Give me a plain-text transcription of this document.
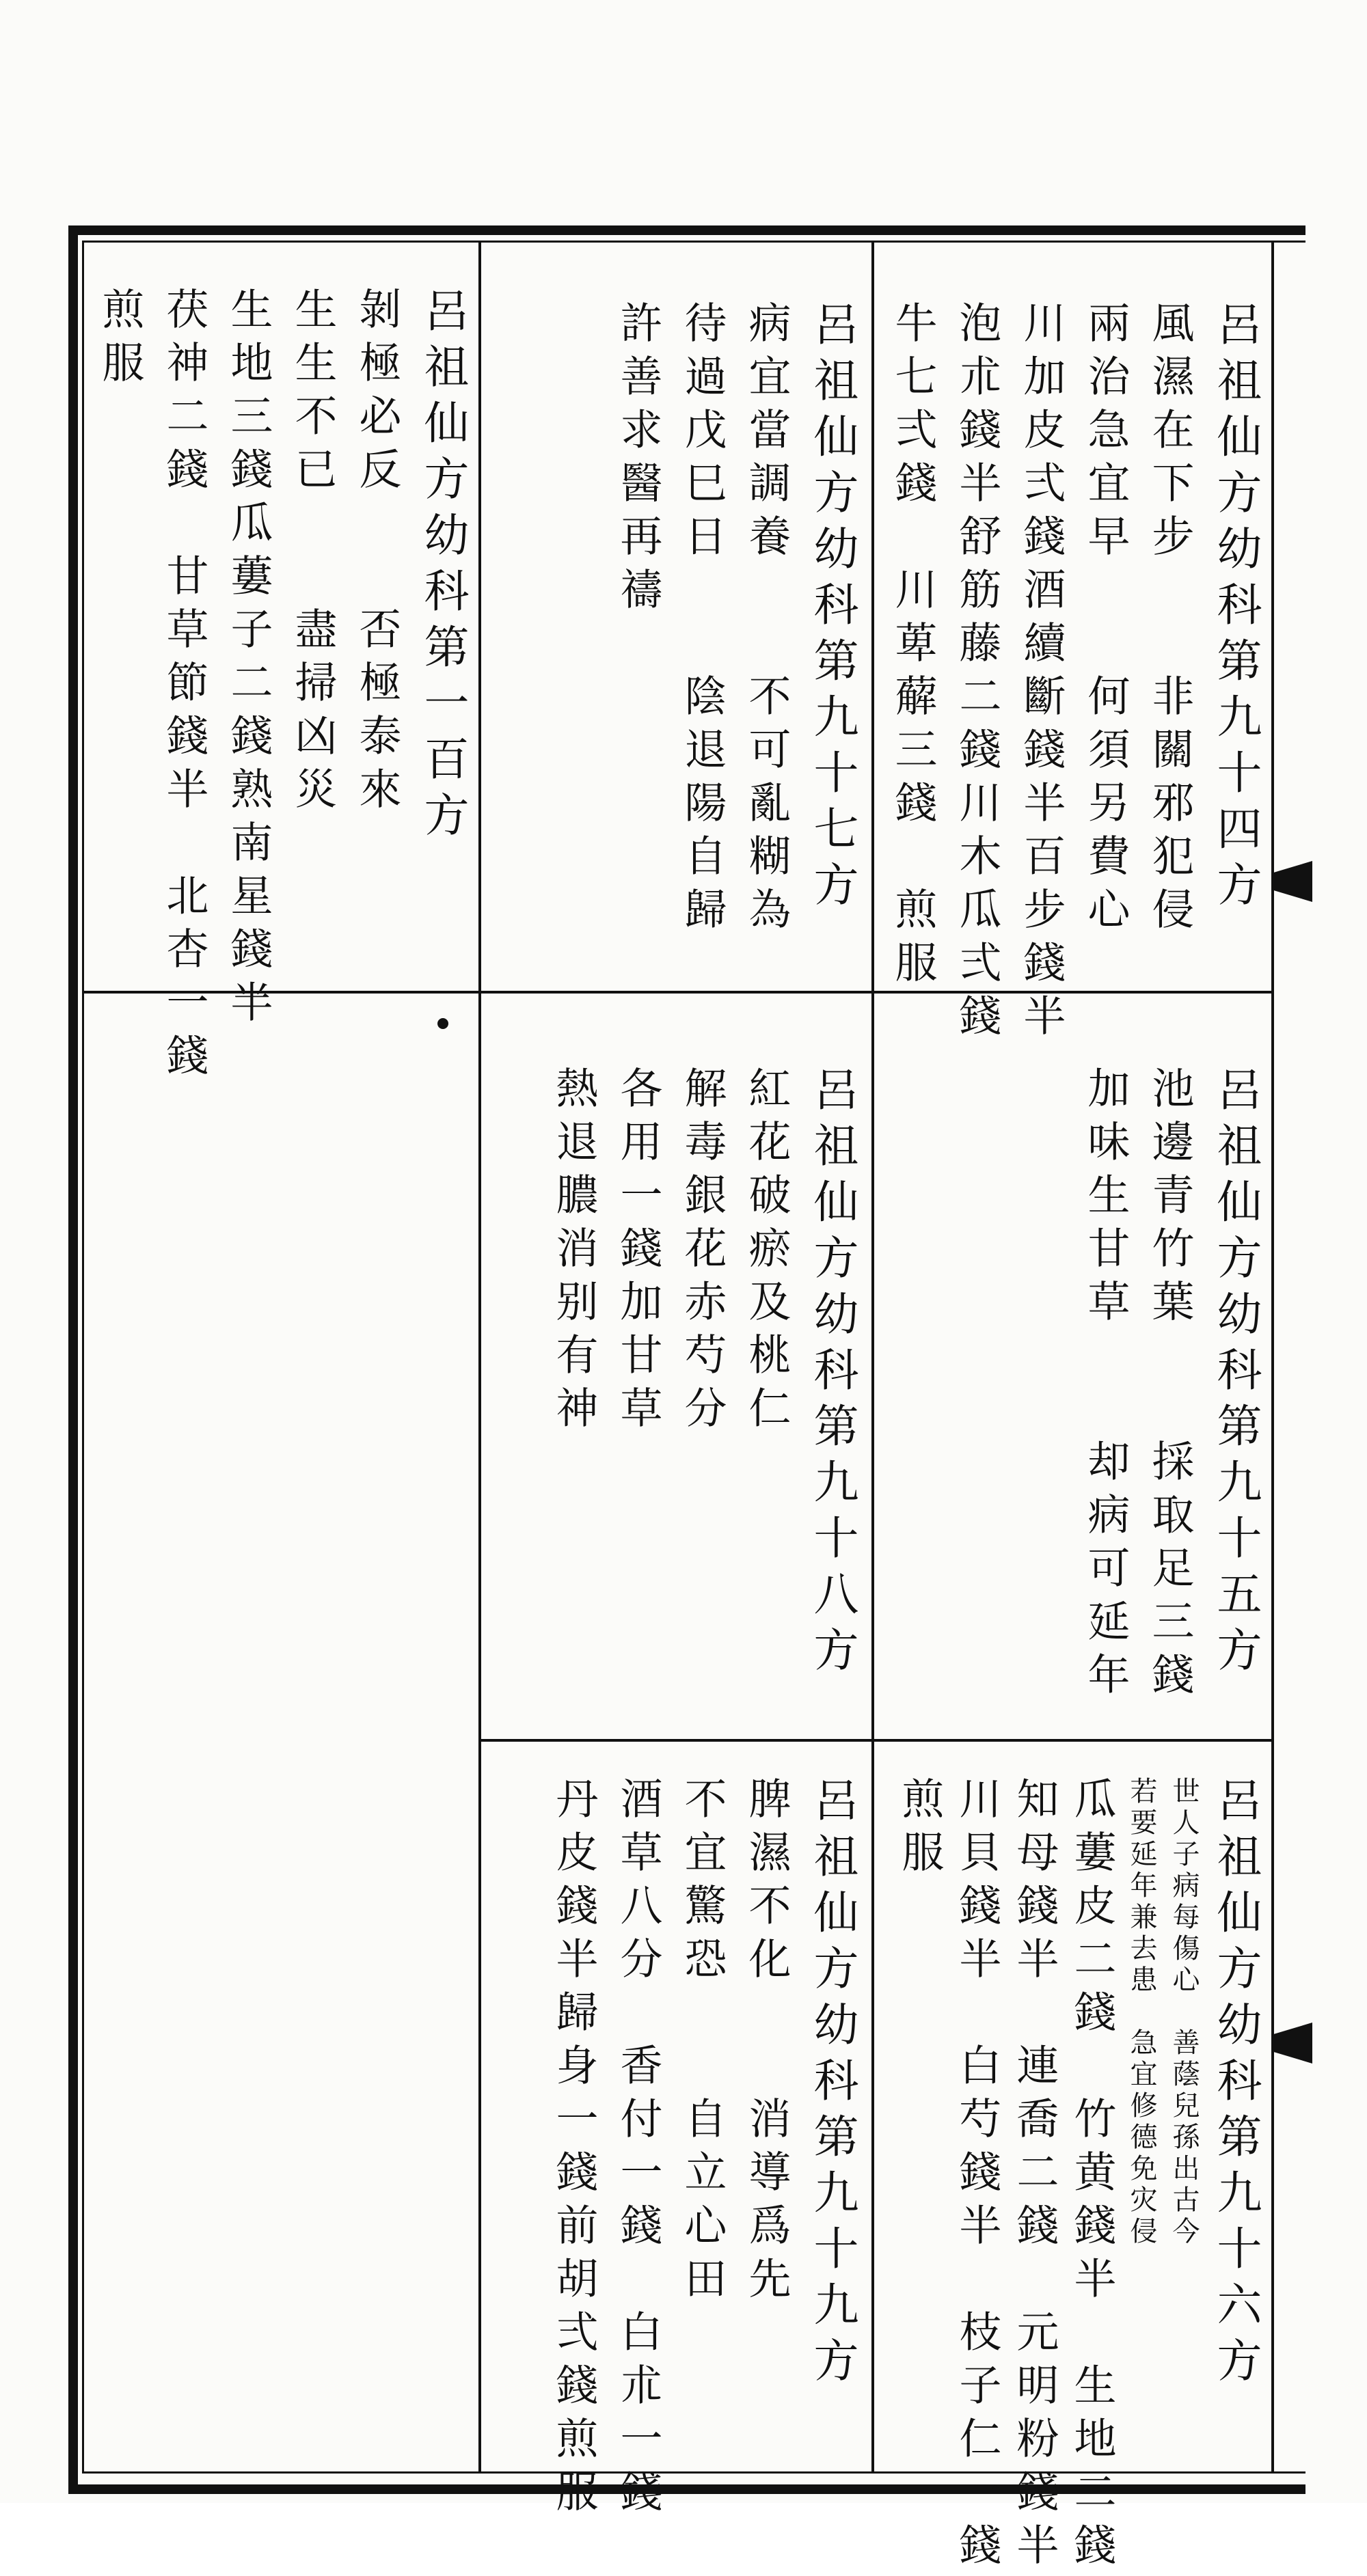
呂祖仙方幼科第九十四方
風濕在下步　　非關邪犯侵
兩治急宜早　　何須另費心
川加皮弍錢酒續斷錢半百步錢半
泡朮錢半舒筋藤二錢川木瓜弍錢
牛七弍錢　川萆薢三錢　煎服
呂祖仙方幼科第九十七方
病宜當調養　　不可亂糊為
待過戊巳日　　陰退陽自歸
許善求醫再禱
呂祖仙方幼科第一百方
剝極必反　　否極泰來
生生不已　　盡掃凶災
生地三錢瓜蔞子二錢熟南星錢半
茯神二錢　甘草節錢半　北杏一錢
煎服
呂祖仙方幼科第九十五方
池邊青竹葉　　採取足三錢
加味生甘草　　却病可延年
呂祖仙方幼科第九十八方
紅花破瘀及桃仁
解毒銀花赤芍分
各用一錢加甘草
熱退膿消别有神
呂祖仙方幼科第九十六方
世人子病每傷心　善蔭兒孫出古今
若要延年兼去患　急宜修德免灾侵
瓜蔞皮二錢　竹黄錢半　生地二錢
知母錢半　連喬二錢　元明粉錢半
川貝錢半　白芍錢半　枝子仁一錢
煎服
呂祖仙方幼科第九十九方
脾濕不化　　消導爲先
不宜驚恐　　自立心田
酒草八分　香付一錢　白朮一錢
丹皮錢半歸身一錢前胡弍錢煎服
